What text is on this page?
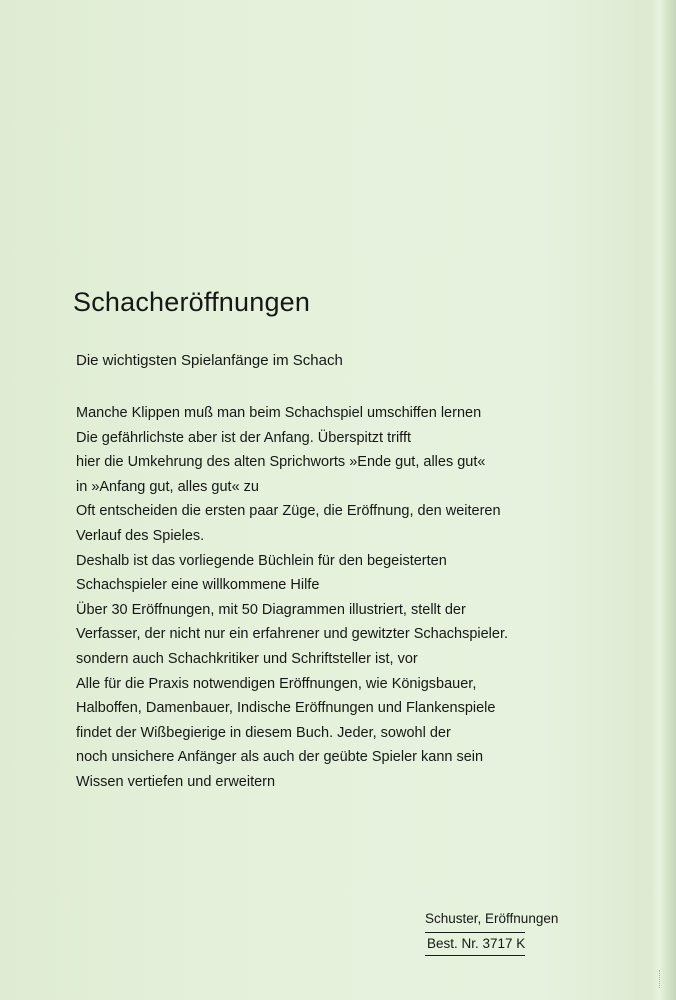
Schacheröffnungen
Die wichtigsten Spielanfänge im Schach
Manche Klippen muß man beim Schachspiel umschiffen lernen
Die gefährlichste aber ist der Anfang. Überspitzt trifft
hier die Umkehrung des alten Sprichworts »Ende gut, alles gut«
in »Anfang gut, alles gut« zu
Oft entscheiden die ersten paar Züge, die Eröffnung, den weiteren
Verlauf des Spieles.
Deshalb ist das vorliegende Büchlein für den begeisterten
Schachspieler eine willkommene Hilfe
Über 30 Eröffnungen, mit 50 Diagrammen illustriert, stellt der
Verfasser, der nicht nur ein erfahrener und gewitzter Schachspieler.
sondern auch Schachkritiker und Schriftsteller ist, vor
Alle für die Praxis notwendigen Eröffnungen, wie Königsbauer,
Halboffen, Damenbauer, Indische Eröffnungen und Flankenspiele
findet der Wißbegierige in diesem Buch. Jeder, sowohl der
noch unsichere Anfänger als auch der geübte Spieler kann sein
Wissen vertiefen und erweitern
Schuster, Eröffnungen
Best. Nr. 3717 K
